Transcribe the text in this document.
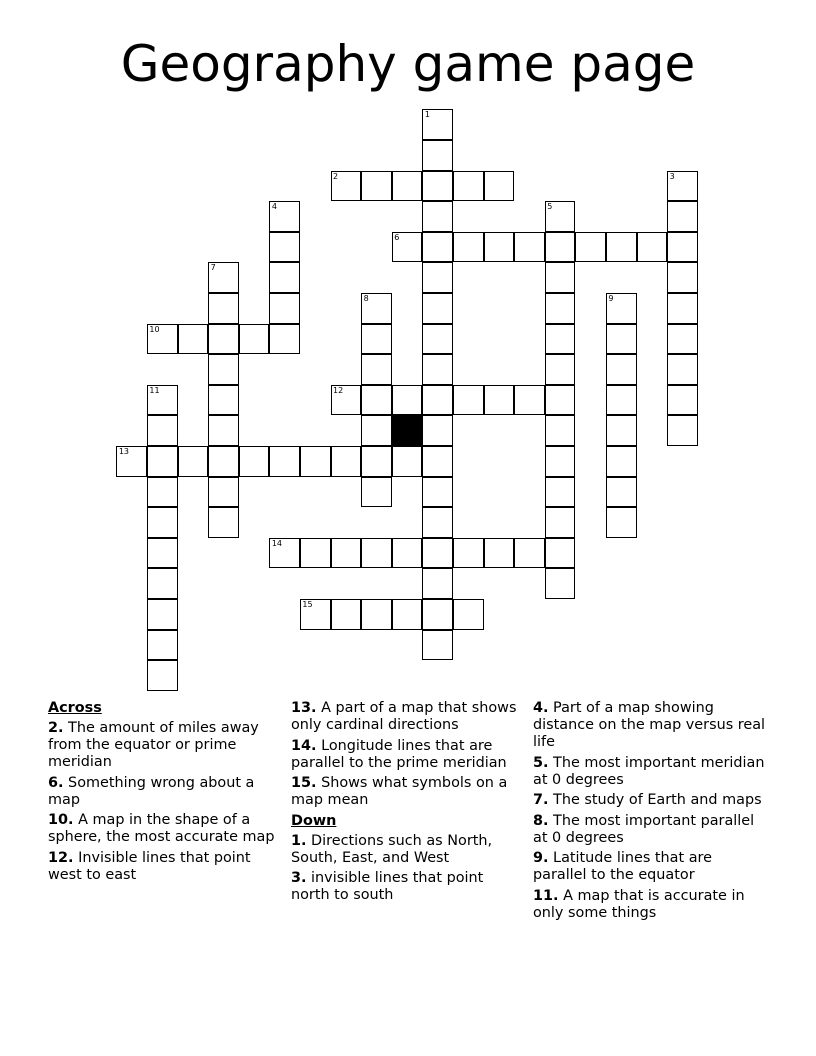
Geography game page
1
2	3
4	5
6
7
8	9
10
11	12
13
14
15
Across
2. The amount of miles away from the equator or prime meridian
6. Something wrong about a map
10. A map in the shape of a sphere, the most accurate map
12. Invisible lines that point west to east
13. A part of a map that shows only cardinal directions
14. Longitude lines that are parallel to the prime meridian
15. Shows what symbols on a map mean
Down
1. Directions such as North, South, East, and West
3. invisible lines that point north to south
4. Part of a map showing distance on the map versus real life
5. The most important meridian at 0 degrees
7. The study of Earth and maps
8. The most important parallel at 0 degrees
9. Latitude lines that are parallel to the equator
11. A map that is accurate in only some things
